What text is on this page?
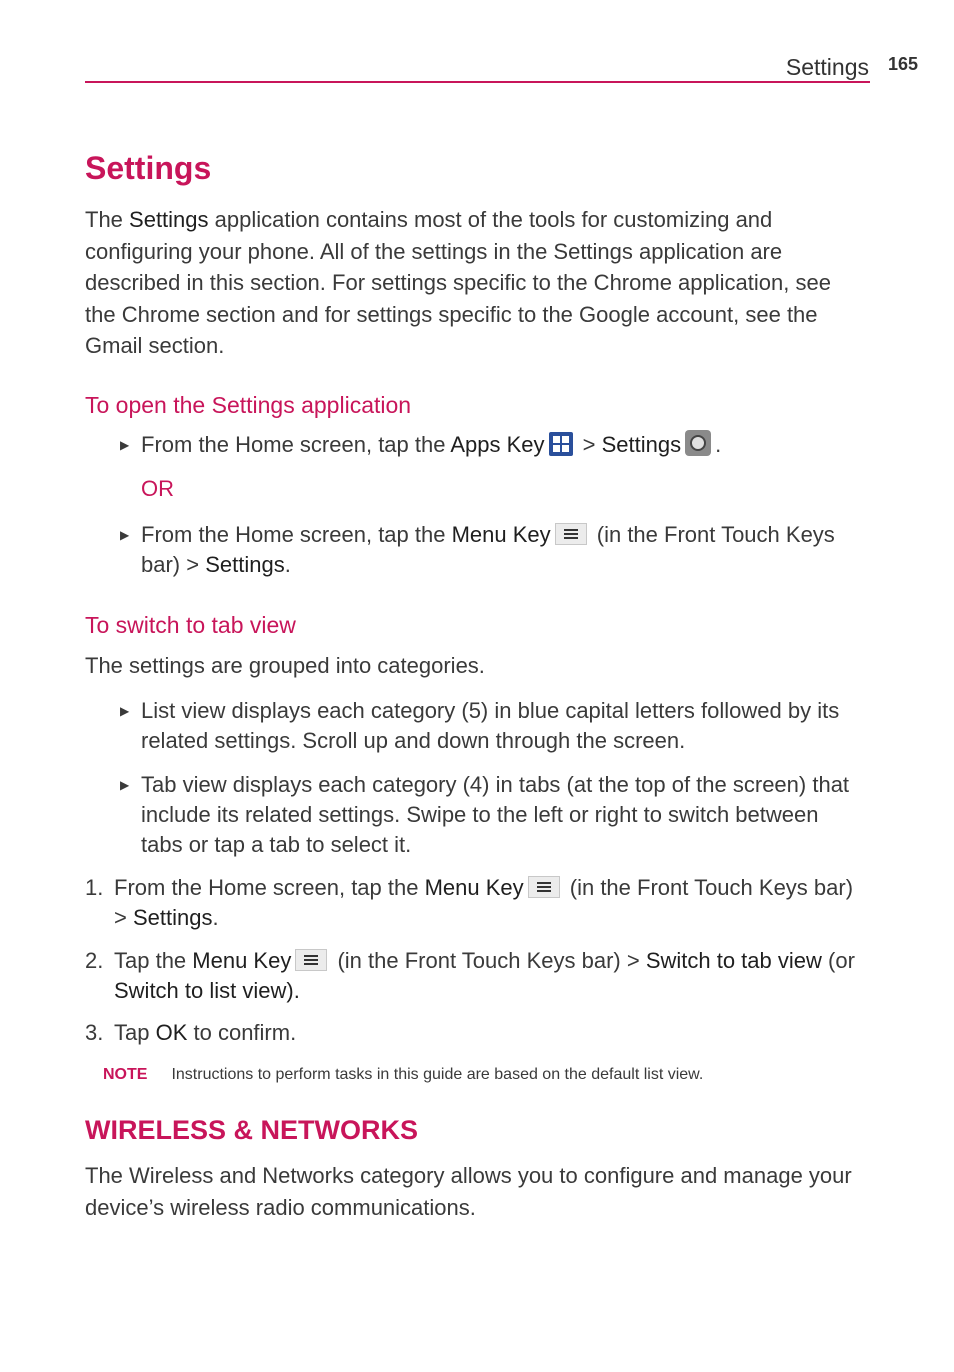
Settings 165
Settings

The Settings application contains most of the tools for customizing and configuring your phone. All of the settings in the Settings application are described in this section. For settings specific to the Chrome application, see the Chrome section and for settings specific to the Google account, see the Gmail section.

To open the Settings application
▶ From the Home screen, tap the Apps Key
> Settings .
OR
▶ From the Home screen, tap the Menu Key
(in the Front Touch Keys bar) > Settings.
To switch to tab view

The settings are grouped into categories.

▶ List view displays each category (5) in blue capital letters followed by its related settings. Scroll up and down through the screen.
▶ Tab view displays each category (4) in tabs (at the top of the screen) that include its related settings. Swipe to the left or right to switch between tabs or tap a tab to select it.
1. From the Home screen, tap the Menu Key
(in the Front Touch Keys bar) > Settings.
2. Tap the Menu Key
(in the Front Touch Keys bar) > Switch to tab view (or Switch to list view).
3. Tap OK to confirm.
NOTE Instructions to perform tasks in this guide are based on the default list view.
WIRELESS & NETWORKS

The Wireless and Networks category allows you to configure and manage your device’s wireless radio communications.
